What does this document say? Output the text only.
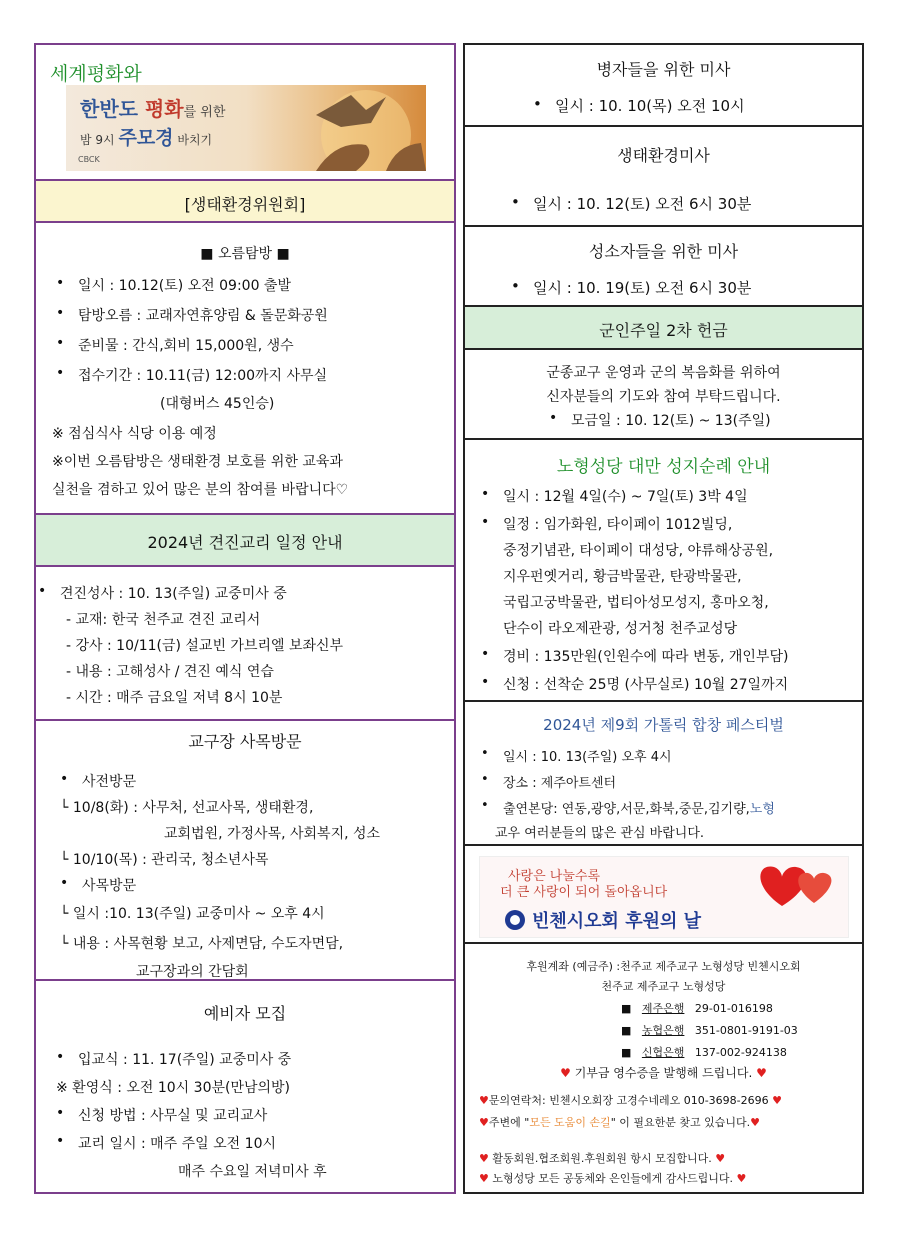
세계평화와
한반도 평화를 위한
밤 9시 주모경 바치기
CBCK
[생태환경위원회]
■ 오름탐방 ■
• 일시 : 10.12(토) 오전 09:00 출발
• 탐방오름 : 교래자연휴양림 & 돌문화공원
• 준비물 : 간식,회비 15,000원, 생수
• 접수기간 : 10.11(금) 12:00까지 사무실
(대형버스 45인승)
※ 점심식사 식당 이용 예정
※이번 오름탐방은 생태환경 보호를 위한 교육과
실천을 겸하고 있어 많은 분의 참여를 바랍니다♡
2024년 견진교리 일정 안내
• 견진성사 : 10. 13(주일) 교중미사 중
- 교재: 한국 천주교 견진 교리서
- 강사 : 10/11(금) 설교빈 가브리엘 보좌신부
- 내용 : 고해성사 / 견진 예식 연습
- 시간 : 매주 금요일 저녁 8시 10분
교구장 사목방문
• 사전방문
└ 10/8(화) : 사무처, 선교사목, 생태환경,
교회법원, 가정사목, 사회복지, 성소
└ 10/10(목) : 관리국, 청소년사목
• 사목방문
└ 일시 :10. 13(주일) 교중미사 ~ 오후 4시
└ 내용 : 사목현황 보고, 사제면담, 수도자면담,
교구장과의 간담회
예비자 모집
• 입교식 : 11. 17(주일) 교중미사 중
※ 환영식 : 오전 10시 30분(만남의방)
• 신청 방법 : 사무실 및 교리교사
• 교리 일시 : 매주 주일 오전 10시
매주 수요일 저녁미사 후
병자들을 위한 미사
• 일시 : 10. 10(목) 오전 10시
생태환경미사
• 일시 : 10. 12(토) 오전 6시 30분
성소자들을 위한 미사
• 일시 : 10. 19(토) 오전 6시 30분
군인주일 2차 헌금
군종교구 운영과 군의 복음화를 위하여
신자분들의 기도와 참여 부탁드립니다.
• 모금일 : 10. 12(토) ~ 13(주일)
노형성당 대만 성지순례 안내
• 일시 : 12월 4일(수) ~ 7일(토) 3박 4일
• 일정 : 임가화원, 타이페이 1012빌딩,
중정기념관, 타이페이 대성당, 야류해상공원,
지우펀옛거리, 황금박물관, 탄광박물관,
국립고궁박물관, 법티아성모성지, 홍마오청,
단수이 라오제관광, 성거청 천주교성당
• 경비 : 135만원(인원수에 따라 변동, 개인부담)
• 신청 : 선착순 25명 (사무실로) 10월 27일까지
2024년 제9회 가톨릭 합창 페스티벌
• 일시 : 10. 13(주일) 오후 4시
• 장소 : 제주아트센터
• 출연본당: 연동,광양,서문,화북,중문,김기량,노형
교우 여러분들의 많은 관심 바랍니다.
사랑은 나눌수록
더 큰 사랑이 되어 돌아옵니다
빈첸시오회 후원의 날
후원계좌 (예금주) :천주교 제주교구 노형성당 빈첸시오회
천주교 제주교구 노형성당
■   제주은행 29-01-016198
■   농협은행 351-0801-9191-03
■   신협은행 137-002-924138
♥ 기부금 영수증을 발행해 드립니다. ♥
♥문의연락처: 빈첸시오회장 고경수네레오 010-3698-2696 ♥
♥주변에 "모든 도움이 손길" 이 필요한분 찾고 있습니다.♥
♥ 활동회원.협조회원.후원회원 항시 모집합니다. ♥
♥ 노형성당 모든 공동체와 은인들에게 감사드립니다. ♥
